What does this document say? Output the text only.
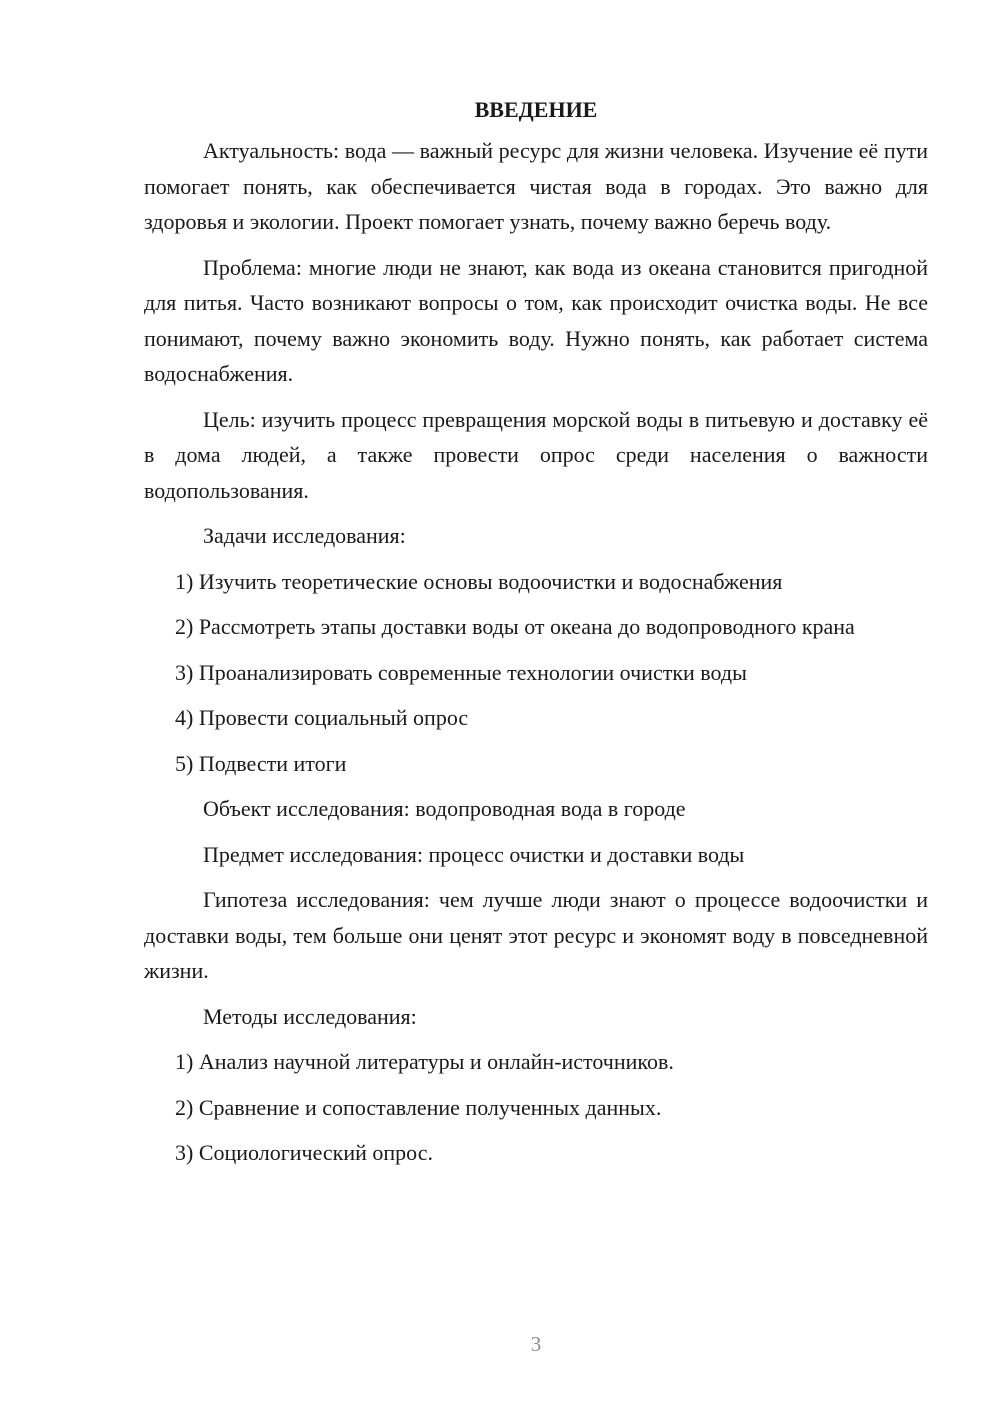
ВВЕДЕНИЕ

Актуальность: вода — важный ресурс для жизни человека. Изучение её пути помогает понять, как обеспечивается чистая вода в городах. Это важно для здоровья и экологии. Проект помогает узнать, почему важно беречь воду.

Проблема: многие люди не знают, как вода из океана становится пригодной для питья. Часто возникают вопросы о том, как происходит очистка воды. Не все понимают, почему важно экономить воду. Нужно понять, как работает система водоснабжения.

Цель: изучить процесс превращения морской воды в питьевую и доставку её в дома людей, а также провести опрос среди населения о важности водопользования.

Задачи исследования:

1) Изучить теоретические основы водоочистки и водоснабжения

2) Рассмотреть этапы доставки воды от океана до водопроводного крана

3) Проанализировать современные технологии очистки воды

4) Провести социальный опрос

5) Подвести итоги

Объект исследования: водопроводная вода в городе

Предмет исследования: процесс очистки и доставки воды

Гипотеза исследования: чем лучше люди знают о процессе водоочистки и доставки воды, тем больше они ценят этот ресурс и экономят воду в повседневной жизни.

Методы исследования:

1) Анализ научной литературы и онлайн-источников.

2) Сравнение и сопоставление полученных данных.

3) Социологический опрос.

3
